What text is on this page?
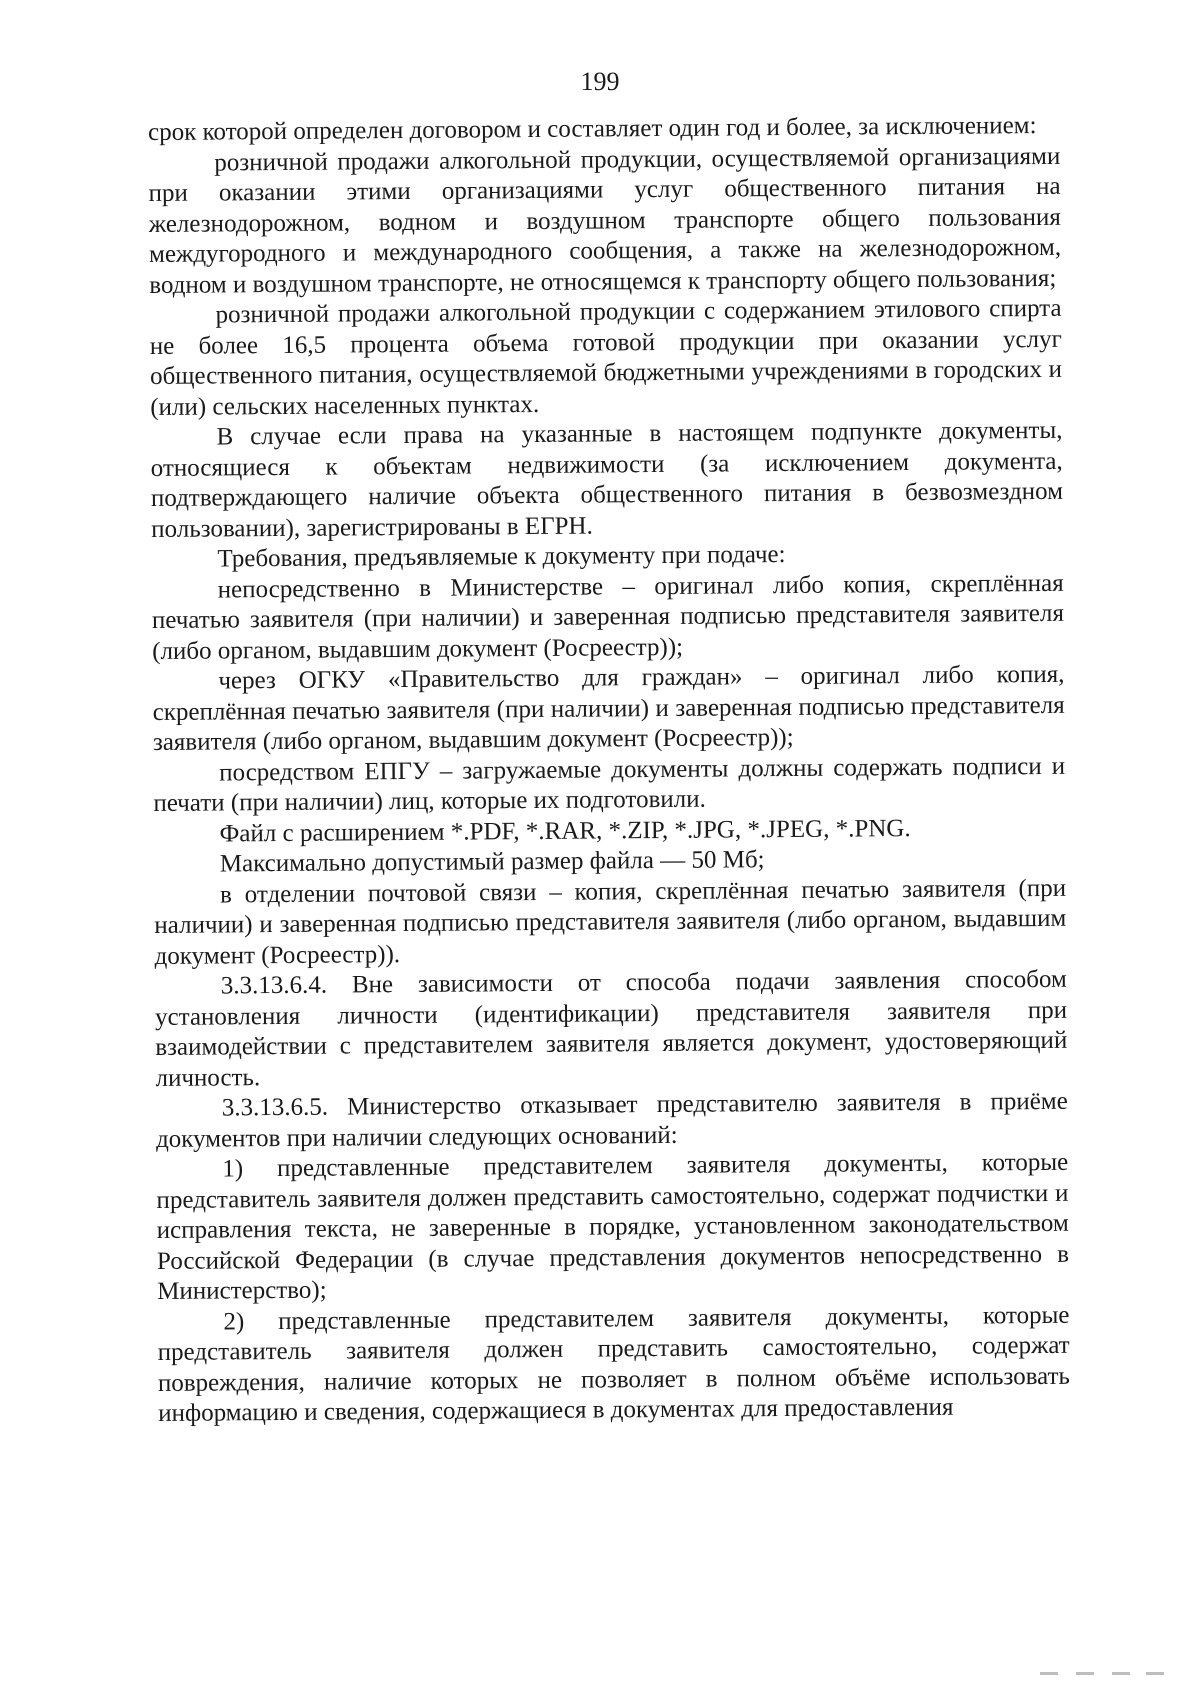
199

срок которой определен договором и составляет один год и более, за исключением:

розничной продажи алкогольной продукции, осуществляемой организациями при оказании этими организациями услуг общественного питания на железнодорожном, водном и воздушном транспорте общего пользования междугородного и международного сообщения, а также на железнодорожном, водном и воздушном транспорте, не относящемся к транспорту общего пользования;

розничной продажи алкогольной продукции с содержанием этилового спирта не более 16,5 процента объема готовой продукции при оказании услуг общественного питания, осуществляемой бюджетными учреждениями в городских и (или) сельских населенных пунктах.

В случае если права на указанные в настоящем подпункте документы, относящиеся к объектам недвижимости (за исключением документа, подтверждающего наличие объекта общественного питания в безвозмездном пользовании), зарегистрированы в ЕГРН.

Требования, предъявляемые к документу при подаче:

непосредственно в Министерстве – оригинал либо копия, скреплённая печатью заявителя (при наличии) и заверенная подписью представителя заявителя (либо органом, выдавшим документ (Росреестр));

через ОГКУ «Правительство для граждан» – оригинал либо копия, скреплённая печатью заявителя (при наличии) и заверенная подписью представителя заявителя (либо органом, выдавшим документ (Росреестр));

посредством ЕПГУ – загружаемые документы должны содержать подписи и печати (при наличии) лиц, которые их подготовили.

Файл с расширением *.PDF, *.RAR, *.ZIP, *.JPG, *.JPEG, *.PNG.

Максимально допустимый размер файла — 50 Мб;

в отделении почтовой связи – копия, скреплённая печатью заявителя (при наличии) и заверенная подписью представителя заявителя (либо органом, выдавшим документ (Росреестр)).

3.3.13.6.4. Вне зависимости от способа подачи заявления способом установления личности (идентификации) представителя заявителя при взаимодействии с представителем заявителя является документ, удостоверяющий личность.

3.3.13.6.5. Министерство отказывает представителю заявителя в приёме документов при наличии следующих оснований:

1) представленные представителем заявителя документы, которые представитель заявителя должен представить самостоятельно, содержат подчистки и исправления текста, не заверенные в порядке, установленном законодательством Российской Федерации (в случае представления документов непосредственно в Министерство);

2) представленные представителем заявителя документы, которые представитель заявителя должен представить самостоятельно, содержат повреждения, наличие которых не позволяет в полном объёме использовать информацию и сведения, содержащиеся в документах для предоставления
